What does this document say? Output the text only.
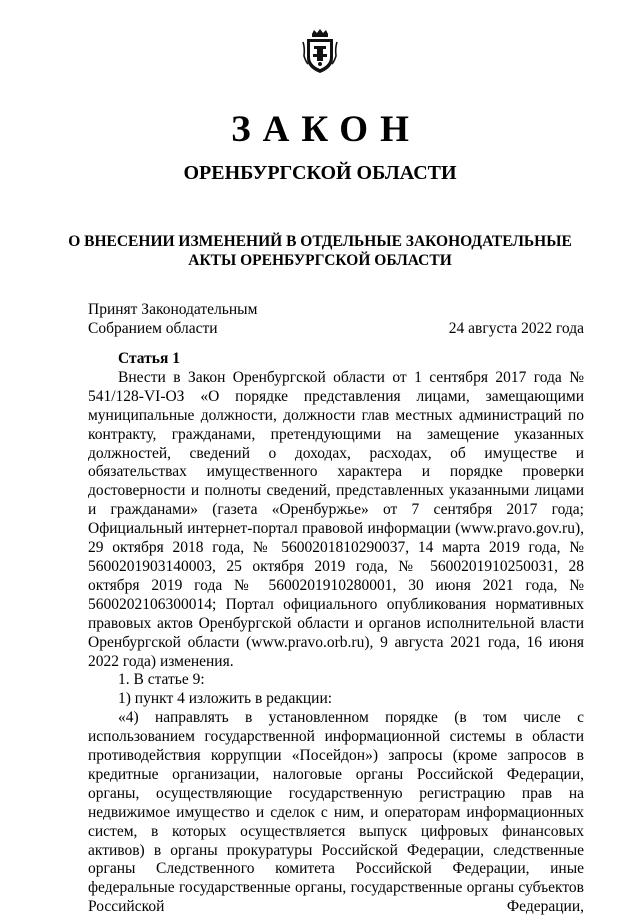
ЗАКОН
ОРЕНБУРГСКОЙ ОБЛАСТИ
О ВНЕСЕНИИ ИЗМЕНЕНИЙ В ОТДЕЛЬНЫЕ ЗАКОНОДАТЕЛЬНЫЕ
АКТЫ ОРЕНБУРГСКОЙ ОБЛАСТИ
Принят Законодательным
Собранием области	24 августа 2022 года

Статья 1

Внести в Закон Оренбургской области от 1 сентября 2017 года № 541/128-VI-ОЗ «О порядке представления лицами, замещающими муниципальные должности, должности глав местных администраций по контракту, гражданами, претендующими на замещение указанных должностей, сведений о доходах, расходах, об имуществе и обязательствах имущественного характера и порядке проверки достоверности и полноты сведений, представленных указанными лицами и гражданами» (газета «Оренбуржье» от 7 сентября 2017 года; Официальный интернет-портал правовой информации (www.pravo.gov.ru), 29 октября 2018 года, № 5600201810290037, 14 марта 2019 года, № 5600201903140003, 25 октября 2019 года, № 5600201910250031, 28 октября 2019 года № 5600201910280001, 30 июня 2021 года, № 5600202106300014; Портал официального опубликования нормативных правовых актов Оренбургской области и органов исполнительной власти Оренбургской области (www.pravo.orb.ru), 9 августа 2021 года, 16 июня 2022 года) изменения.

1. В статье 9:

1) пункт 4 изложить в редакции:

«4) направлять в установленном порядке (в том числе с использованием государственной информационной системы в области противодействия коррупции «Посейдон») запросы (кроме запросов в кредитные организации, налоговые органы Российской Федерации, органы, осуществляющие государственную регистрацию прав на недвижимое имущество и сделок с ним, и операторам информационных систем, в которых осуществляется выпуск цифровых финансовых активов) в органы прокуратуры Российской Федерации, следственные органы Следственного комитета Российской Федерации, иные федеральные государственные органы, государственные органы субъектов Российской Федерации,
